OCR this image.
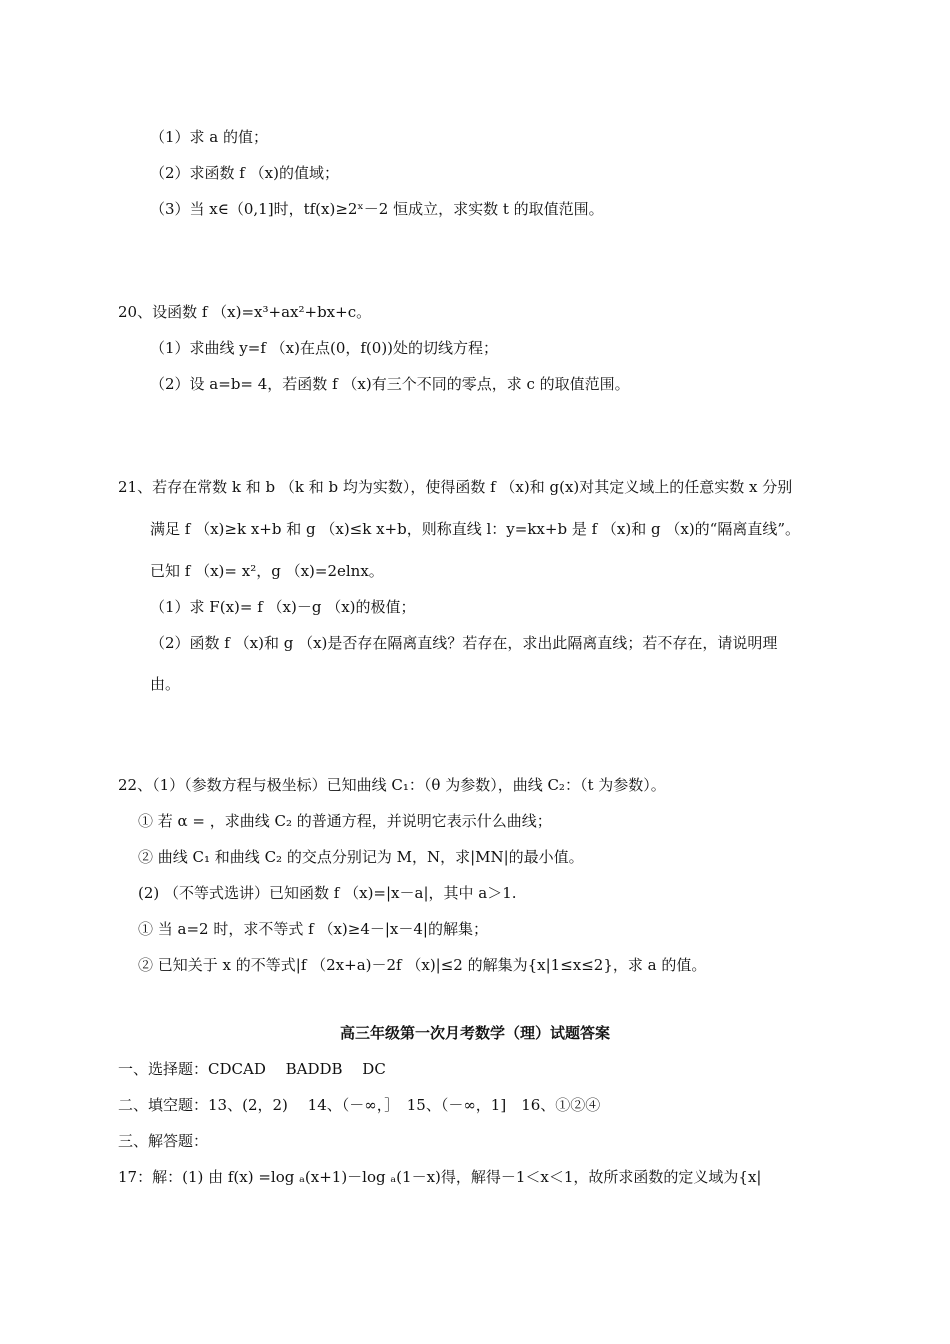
（1）求 a 的值；
（2）求函数 f （x)的值域；
（3）当 x∈（0,1]时，tf(x)≥2ˣ－2 恒成立，求实数 t 的取值范围。
20、设函数 f （x)=x³+ax²+bx+c。
（1）求曲线 y=f （x)在点(0，f(0))处的切线方程；
（2）设 a=b= 4，若函数 f （x)有三个不同的零点，求 c 的取值范围。
21、若存在常数 k 和 b （k 和 b 均为实数），使得函数 f （x)和 g(x)对其定义域上的任意实数 x 分别
满足 f （x)≥k x+b 和 g （x)≤k x+b，则称直线 l：y=kx+b 是 f （x)和 g （x)的“隔离直线”。
已知 f （x)= x²，g （x)=2elnx。
（1）求 F(x)= f （x)－g （x)的极值；
（2）函数 f （x)和 g （x)是否存在隔离直线？若存在，求出此隔离直线；若不存在，请说明理
由。
22、（1）（参数方程与极坐标）已知曲线 C₁：（θ 为参数），曲线 C₂：（t 为参数）。
① 若 α = ，求曲线 C₂ 的普通方程，并说明它表示什么曲线；
② 曲线 C₁ 和曲线 C₂ 的交点分别记为 M，N，求|MN|的最小值。
(2) （不等式选讲）已知函数 f （x)=|x－a|，其中 a＞1.
① 当 a=2 时，求不等式 f （x)≥4－|x－4|的解集；
② 已知关于 x 的不等式|f （2x+a)－2f （x)|≤2 的解集为{x|1≤x≤2}，求 a 的值。
高三年级第一次月考数学（理）试题答案
一、选择题：CDCAD　 BADDB　 DC
二、填空题：13、(2，2)　 14、（－∞，］　15、（－∞，1]　16、①②④
三、解答题：
17：解：(1) 由 f(x) =log ₐ(x+1)－log ₐ(1－x)得，解得－1＜x＜1，故所求函数的定义域为{x|
